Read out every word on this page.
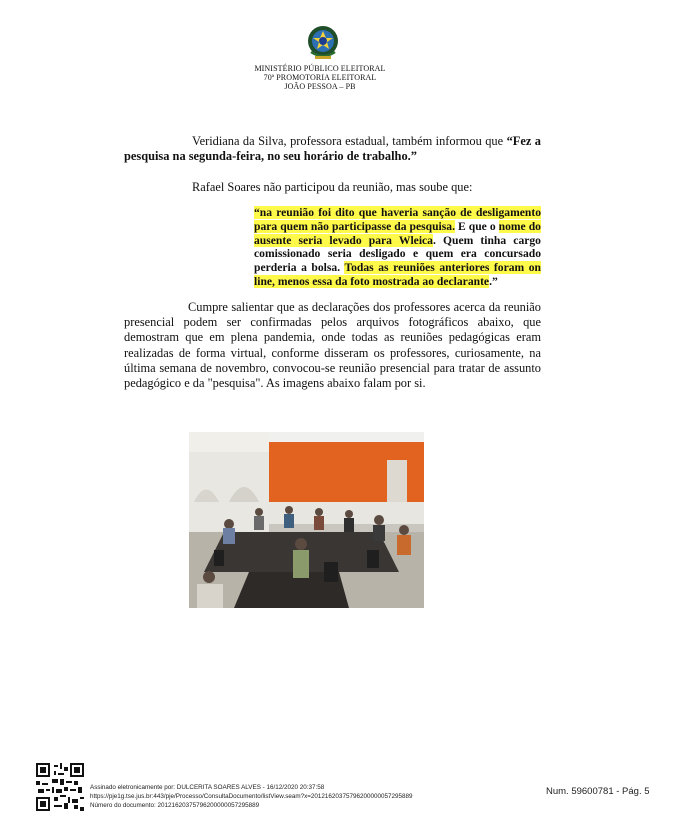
MINISTÉRIO PÚBLICO ELEITORAL
70ª PROMOTORIA ELEITORAL
JOÃO PESSOA – PB
Veridiana da Silva, professora estadual, também informou que “Fez a pesquisa na segunda-feira, no seu horário de trabalho.”
Rafael Soares não participou da reunião, mas soube que:
“na reunião foi dito que haveria sanção de desligamento para quem não participasse da pesquisa. E que o nome do ausente seria levado para Wleica. Quem tinha cargo comissionado seria desligado e quem era concursado perderia a bolsa. Todas as reuniões anteriores foram on line, menos essa da foto mostrada ao declarante.”
Cumpre salientar que as declarações dos professores acerca da reunião presencial podem ser confirmadas pelos arquivos fotográficos abaixo, que demostram que em plena pandemia, onde todas as reuniões pedagógicas eram realizadas de forma virtual, conforme disseram os professores, curiosamente, na última semana de novembro, convocou-se reunião presencial para tratar de assunto pedagógico e da "pesquisa". As imagens abaixo falam por si.
Assinado eletronicamente por: DULCERITA SOARES ALVES - 16/12/2020 20:37:58
https://pje1g.tse.jus.br:443/pje/Processo/ConsultaDocumento/listView.seam?x=20121620375796200000057295889
Número do documento: 20121620375796200000057295889
Num. 59600781 - Pág. 5
